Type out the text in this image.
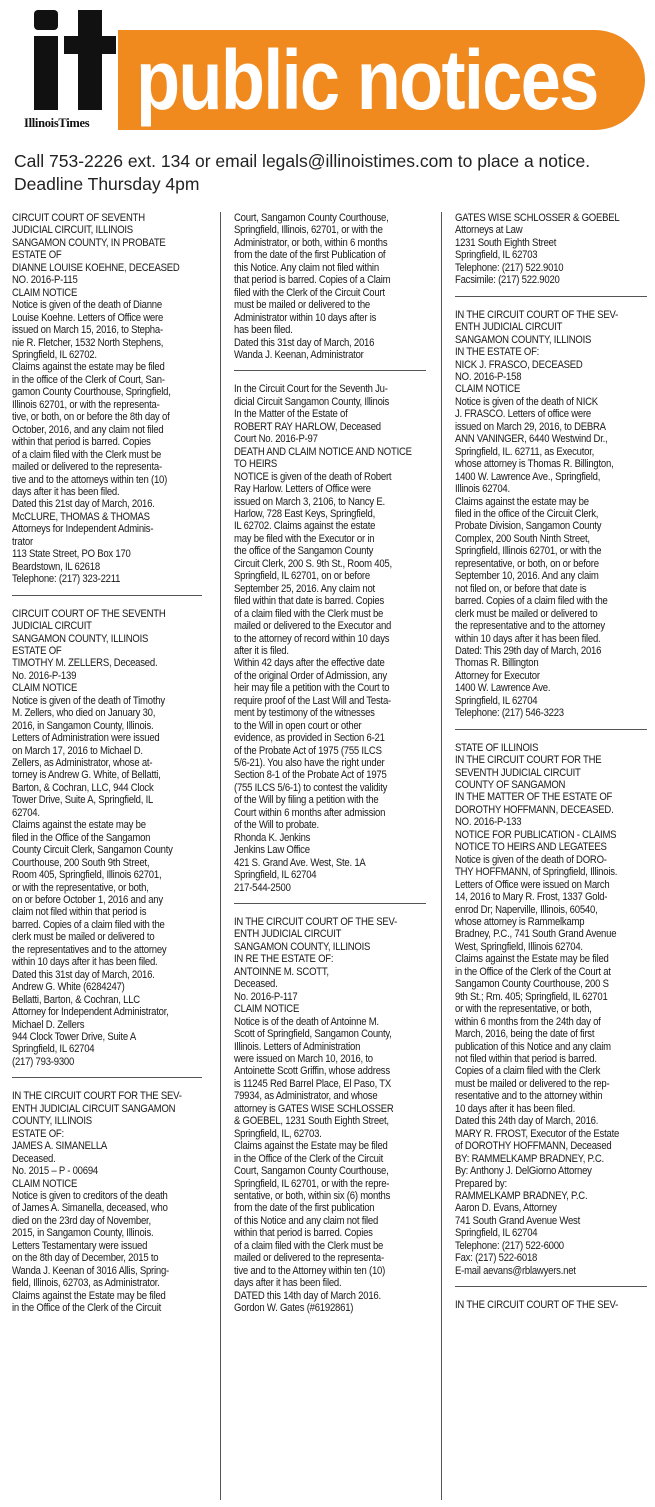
public notices
IllinoisTimes
Call 753-2226 ext. 134 or email legals@illinoistimes.com to place a notice.
Deadline Thursday 4pm

CIRCUIT COURT OF SEVENTH

JUDICIAL CIRCUIT, ILLINOIS

SANGAMON COUNTY, IN PROBATE

ESTATE OF

DIANNE LOUISE KOEHNE, DECEASED

NO. 2016-P-115

CLAIM NOTICE

Notice is given of the death of Dianne

Louise Koehne. Letters of Office were

issued on March 15, 2016, to Stepha-

nie R. Fletcher, 1532 North Stephens,

Springfield, IL 62702.

Claims against the estate may be filed

in the office of the Clerk of Court, San-

gamon County Courthouse, Springfield,

Illinois 62701, or with the representa-

tive, or both, on or before the 8th day of

October, 2016, and any claim not filed

within that period is barred. Copies

of a claim filed with the Clerk must be

mailed or delivered to the representa-

tive and to the attorneys within ten (10)

days after it has been filed.

Dated this 21st day of March, 2016.

McCLURE, THOMAS & THOMAS

Attorneys for Independent Adminis-

trator

113 State Street, PO Box 170

Beardstown, IL 62618

Telephone: (217) 323-2211

CIRCUIT COURT OF THE SEVENTH

JUDICIAL CIRCUIT

SANGAMON COUNTY, ILLINOIS

ESTATE OF

TIMOTHY M. ZELLERS, Deceased.

No. 2016-P-139

CLAIM NOTICE

Notice is given of the death of Timothy

M. Zellers, who died on January 30,

2016, in Sangamon County, Illinois.

Letters of Administration were issued

on March 17, 2016 to Michael D.

Zellers, as Administrator, whose at-

torney is Andrew G. White, of Bellatti,

Barton, & Cochran, LLC, 944 Clock

Tower Drive, Suite A, Springfield, IL

62704.

Claims against the estate may be

filed in the Office of the Sangamon

County Circuit Clerk, Sangamon County

Courthouse, 200 South 9th Street,

Room 405, Springfield, Illinois 62701,

or with the representative, or both,

on or before October 1, 2016 and any

claim not filed within that period is

barred. Copies of a claim filed with the

clerk must be mailed or delivered to

the representatives and to the attorney

within 10 days after it has been filed.

Dated this 31st day of March, 2016.

Andrew G. White (6284247)

Bellatti, Barton, & Cochran, LLC

Attorney for Independent Administrator,

Michael D. Zellers

944 Clock Tower Drive, Suite A

Springfield, IL 62704

(217) 793-9300

IN THE CIRCUIT COURT FOR THE SEV-

ENTH JUDICIAL CIRCUIT SANGAMON

COUNTY, ILLINOIS

ESTATE OF:

JAMES A. SIMANELLA

Deceased.

No. 2015 – P - 00694

CLAIM NOTICE

Notice is given to creditors of the death

of James A. Simanella, deceased, who

died on the 23rd day of November,

2015, in Sangamon County, Illinois.

Letters Testamentary were issued

on the 8th day of December, 2015 to

Wanda J. Keenan of 3016 Allis, Spring-

field, Illinois, 62703, as Administrator.

Claims against the Estate may be filed

in the Office of the Clerk of the Circuit

Court, Sangamon County Courthouse,

Springfield, Illinois, 62701, or with the

Administrator, or both, within 6 months

from the date of the first Publication of

this Notice. Any claim not filed within

that period is barred. Copies of a Claim

filed with the Clerk of the Circuit Court

must be mailed or delivered to the

Administrator within 10 days after is

has been filed.

Dated this 31st day of March, 2016

Wanda J. Keenan, Administrator

In the Circuit Court for the Seventh Ju-

dicial Circuit Sangamon County, Illinois

In the Matter of the Estate of

ROBERT RAY HARLOW, Deceased

Court No. 2016-P-97

DEATH AND CLAIM NOTICE AND NOTICE

TO HEIRS

NOTICE is given of the death of Robert

Ray Harlow. Letters of Office were

issued on March 3, 2106, to Nancy E.

Harlow, 728 East Keys, Springfield,

IL 62702. Claims against the estate

may be filed with the Executor or in

the office of the Sangamon County

Circuit Clerk, 200 S. 9th St., Room 405,

Springfield, IL 62701, on or before

September 25, 2016. Any claim not

filed within that date is barred. Copies

of a claim filed with the Clerk must be

mailed or delivered to the Executor and

to the attorney of record within 10 days

after it is filed.

Within 42 days after the effective date

of the original Order of Admission, any

heir may file a petition with the Court to

require proof of the Last Will and Testa-

ment by testimony of the witnesses

to the Will in open court or other

evidence, as provided in Section 6-21

of the Probate Act of 1975 (755 ILCS

5/6-21). You also have the right under

Section 8-1 of the Probate Act of 1975

(755 ILCS 5/6-1) to contest the validity

of the Will by filing a petition with the

Court within 6 months after admission

of the Will to probate.

Rhonda K. Jenkins

Jenkins Law Office

421 S. Grand Ave. West, Ste. 1A

Springfield, IL 62704

217-544-2500

IN THE CIRCUIT COURT OF THE SEV-

ENTH JUDICIAL CIRCUIT

SANGAMON COUNTY, ILLINOIS

IN RE THE ESTATE OF:

ANTOINNE M. SCOTT,

Deceased.

No. 2016-P-117

CLAIM NOTICE

Notice is of the death of Antoinne M.

Scott of Springfield, Sangamon County,

Illinois. Letters of Administration

were issued on March 10, 2016, to

Antoinette Scott Griffin, whose address

is 11245 Red Barrel Place, El Paso, TX

79934, as Administrator, and whose

attorney is GATES WISE SCHLOSSER

& GOEBEL, 1231 South Eighth Street,

Springfield, IL, 62703.

Claims against the Estate may be filed

in the Office of the Clerk of the Circuit

Court, Sangamon County Courthouse,

Springfield, IL 62701, or with the repre-

sentative, or both, within six (6) months

from the date of the first publication

of this Notice and any claim not filed

within that period is barred. Copies

of a claim filed with the Clerk must be

mailed or delivered to the representa-

tive and to the Attorney within ten (10)

days after it has been filed.

DATED this 14th day of March 2016.

Gordon W. Gates (#6192861)

GATES WISE SCHLOSSER & GOEBEL

Attorneys at Law

1231 South Eighth Street

Springfield, IL 62703

Telephone: (217) 522.9010

Facsimile: (217) 522.9020

IN THE CIRCUIT COURT OF THE SEV-

ENTH JUDICIAL CIRCUIT

SANGAMON COUNTY, ILLINOIS

IN THE ESTATE OF:

NICK J. FRASCO, DECEASED

NO. 2016-P-158

CLAIM NOTICE

Notice is given of the death of NICK

J. FRASCO. Letters of office were

issued on March 29, 2016, to DEBRA

ANN VANINGER, 6440 Westwind Dr.,

Springfield, IL. 62711, as Executor,

whose attorney is Thomas R. Billington,

1400 W. Lawrence Ave., Springfield,

Illinois 62704.

Claims against the estate may be

filed in the office of the Circuit Clerk,

Probate Division, Sangamon County

Complex, 200 South Ninth Street,

Springfield, Illinois 62701, or with the

representative, or both, on or before

September 10, 2016. And any claim

not filed on, or before that date is

barred. Copies of a claim filed with the

clerk must be mailed or delivered to

the representative and to the attorney

within 10 days after it has been filed.

Dated: This 29th day of March, 2016

Thomas R. Billington

Attorney for Executor

1400 W. Lawrence Ave.

Springfield, IL 62704

Telephone: (217) 546-3223

STATE OF ILLINOIS

IN THE CIRCUIT COURT FOR THE

SEVENTH JUDICIAL CIRCUIT

COUNTY OF SANGAMON

IN THE MATTER OF THE ESTATE OF

DOROTHY HOFFMANN, DECEASED.

NO. 2016-P-133

NOTICE FOR PUBLICATION - CLAIMS

NOTICE TO HEIRS AND LEGATEES

Notice is given of the death of DORO-

THY HOFFMANN, of Springfield, Illinois.

Letters of Office were issued on March

14, 2016 to Mary R. Frost, 1337 Gold-

enrod Dr; Naperville, Illinois, 60540,

whose attorney is Rammelkamp

Bradney, P.C., 741 South Grand Avenue

West, Springfield, Illinois 62704.

Claims against the Estate may be filed

in the Office of the Clerk of the Court at

Sangamon County Courthouse, 200 S

9th St.; Rm. 405; Springfield, IL 62701

or with the representative, or both,

within 6 months from the 24th day of

March, 2016, being the date of first

publication of this Notice and any claim

not filed within that period is barred.

Copies of a claim filed with the Clerk

must be mailed or delivered to the rep-

resentative and to the attorney within

10 days after it has been filed.

Dated this 24th day of March, 2016.

MARY R. FROST, Executor of the Estate

of DOROTHY HOFFMANN, Deceased

BY: RAMMELKAMP BRADNEY, P.C.

By: Anthony J. DelGiorno Attorney

Prepared by:

RAMMELKAMP BRADNEY, P.C.

Aaron D. Evans, Attorney

741 South Grand Avenue West

Springfield, IL 62704

Telephone: (217) 522-6000

Fax: (217) 522-6018

E-mail aevans@rblawyers.net

IN THE CIRCUIT COURT OF THE SEV-
